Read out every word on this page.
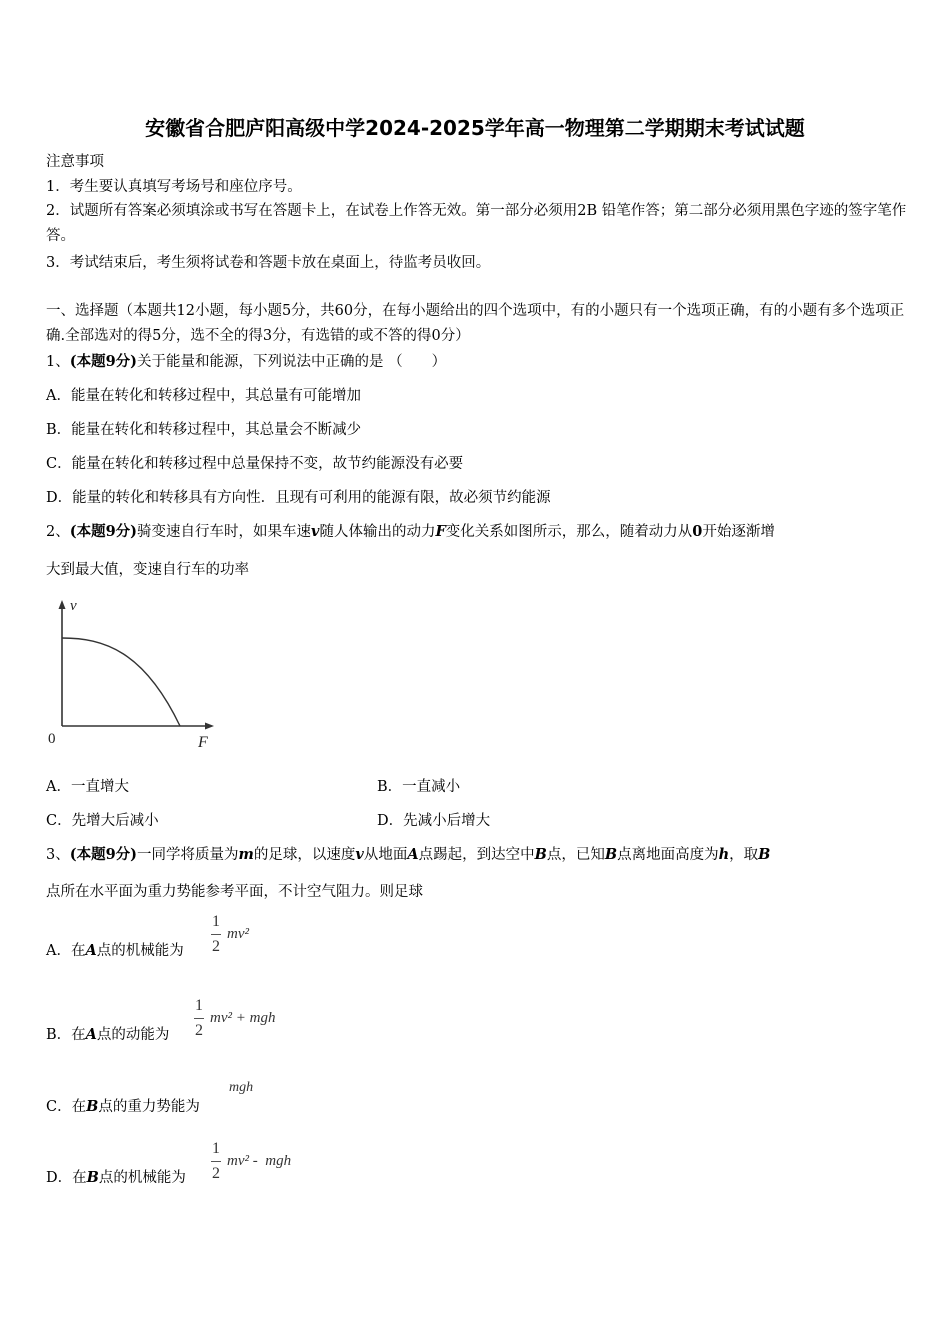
安徽省合肥庐阳高级中学2024-2025学年高一物理第二学期期末考试试题
注意事项
1．考生要认真填写考场号和座位序号。
2．试题所有答案必须填涂或书写在答题卡上，在试卷上作答无效。第一部分必须用2B 铅笔作答；第二部分必须用黑色字迹的签字笔作答。
3．考试结束后，考生须将试卷和答题卡放在桌面上，待监考员收回。
一、选择题（本题共12小题，每小题5分，共60分，在每小题给出的四个选项中，有的小题只有一个选项正确，有的小题有多个选项正确.全部选对的得5分，选不全的得3分，有选错的或不答的得0分）
1、(本题9分)关于能量和能源，下列说法中正确的是 （　　）
A．能量在转化和转移过程中，其总量有可能增加
B．能量在转化和转移过程中，其总量会不断减少
C．能量在转化和转移过程中总量保持不变，故节约能源没有必要
D．能量的转化和转移具有方向性．且现有可利用的能源有限，故必须节约能源
2、(本题9分)骑变速自行车时，如果车速v随人体输出的动力F变化关系如图所示，那么，随着动力从0开始逐渐增
大到最大值，变速自行车的功率
v
F
0
A．一直增大	B．一直减小
C．先增大后减小	D．先减小后增大
3、(本题9分)一同学将质量为m的足球，以速度v从地面A点踢起，到达空中B点，已知B点离地面高度为h，取B
点所在水平面为重力势能参考平面，不计空气阻力。则足球
A．在A点的机械能为
1
2
mv²
B．在A点的动能为
1
2
mv² + mgh
C．在B点的重力势能为
mgh
D．在B点的机械能为
1
2
mv² -  mgh
